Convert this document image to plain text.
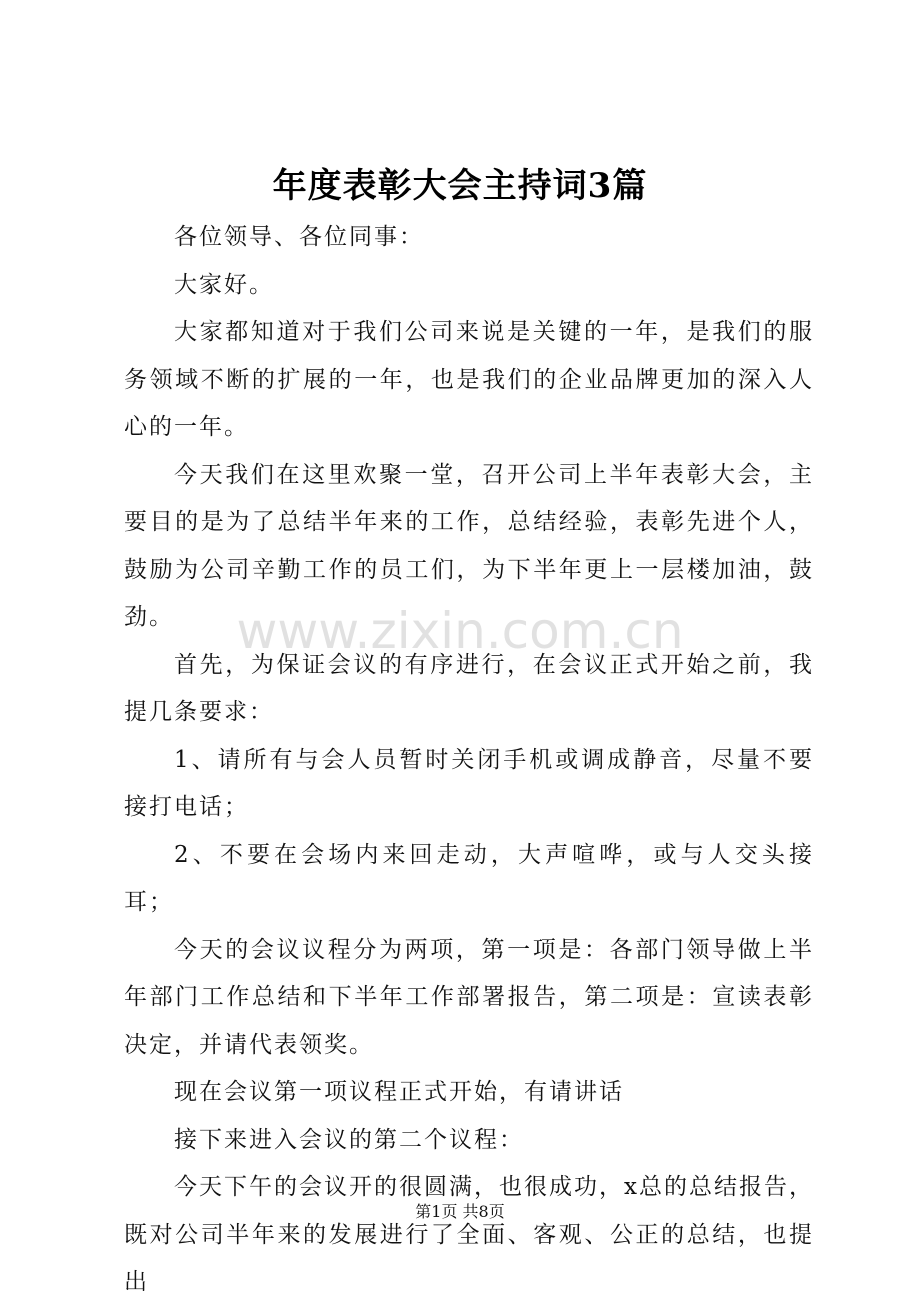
年度表彰大会主持词3篇

各位领导、各位同事：

大家好。

大家都知道对于我们公司来说是关键的一年，是我们的服务领域不断的扩展的一年，也是我们的企业品牌更加的深入人心的一年。

今天我们在这里欢聚一堂，召开公司上半年表彰大会，主要目的是为了总结半年来的工作，总结经验，表彰先进个人，鼓励为公司辛勤工作的员工们，为下半年更上一层楼加油，鼓劲。

首先，为保证会议的有序进行，在会议正式开始之前，我提几条要求：

1、请所有与会人员暂时关闭手机或调成静音，尽量不要接打电话；

2、不要在会场内来回走动，大声喧哗，或与人交头接耳；

今天的会议议程分为两项，第一项是：各部门领导做上半年部门工作总结和下半年工作部署报告，第二项是：宣读表彰决定，并请代表领奖。

现在会议第一项议程正式开始，有请讲话

接下来进入会议的第二个议程：

今天下午的会议开的很圆满，也很成功，x总的总结报告，既对公司半年来的发展进行了全面、客观、公正的总结，也提出

www.zixin.com.cn
第1页 共8页
